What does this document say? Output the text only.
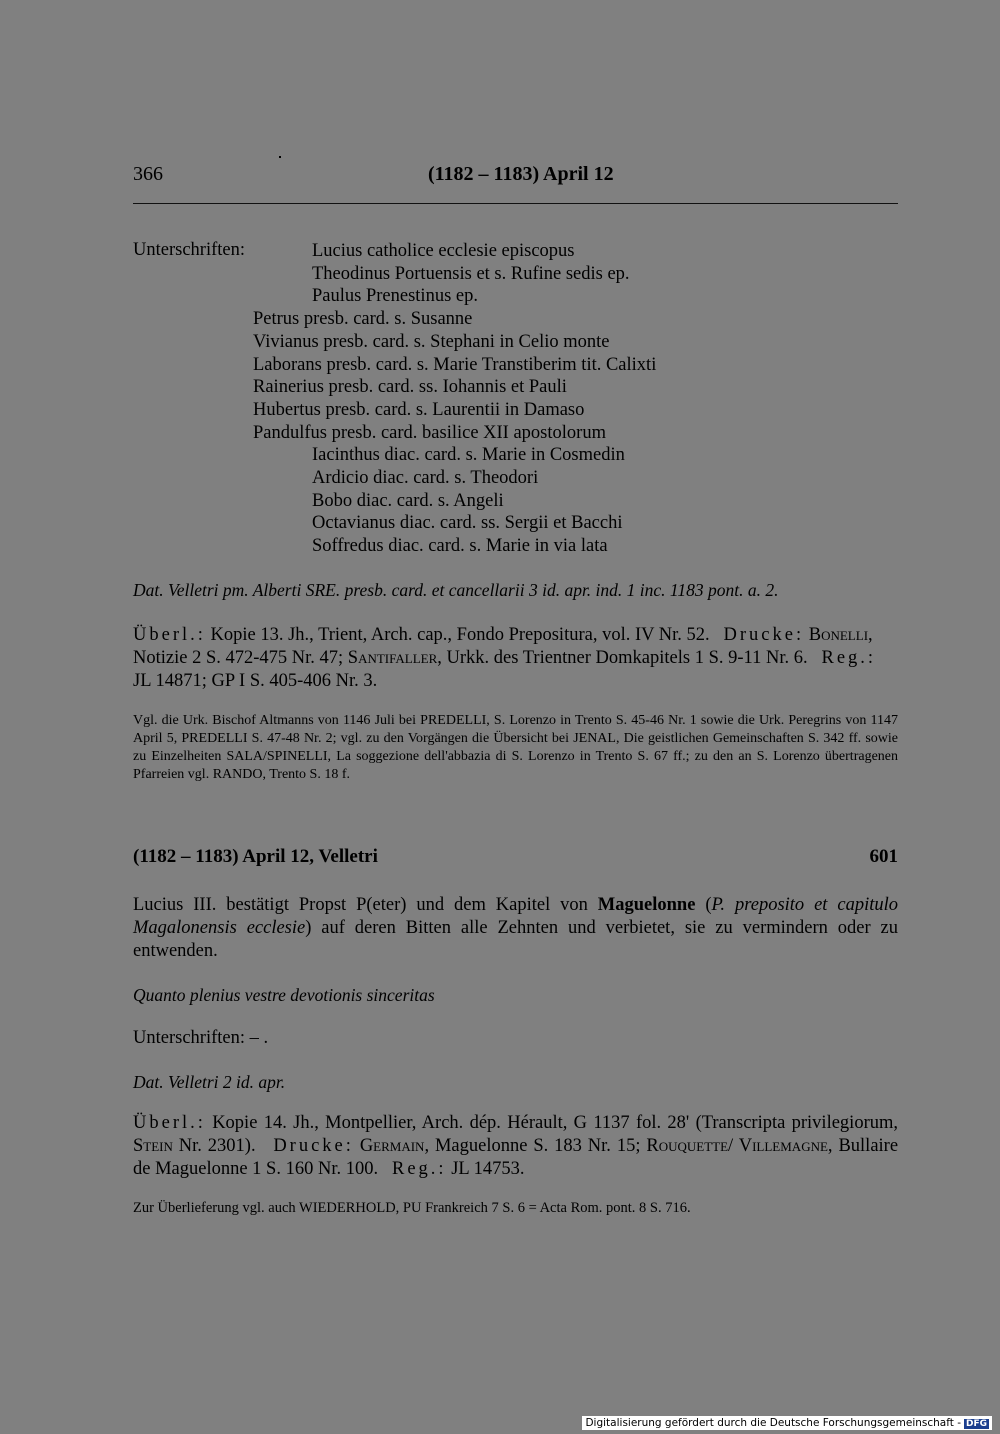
366	(1182 – 1183) April 12
Unterschriften:	Lucius catholice ecclesie episcopus
Theodinus Portuensis et s. Rufine sedis ep.
Paulus Prenestinus ep.
Petrus presb. card. s. Susanne
Vivianus presb. card. s. Stephani in Celio monte
Laborans presb. card. s. Marie Transtiberim tit. Calixti
Rainerius presb. card. ss. Iohannis et Pauli
Hubertus presb. card. s. Laurentii in Damaso
Pandulfus presb. card. basilice XII apostolorum
Iacinthus diac. card. s. Marie in Cosmedin
Ardicio diac. card. s. Theodori
Bobo diac. card. s. Angeli
Octavianus diac. card. ss. Sergii et Bacchi
Soffredus diac. card. s. Marie in via lata
Dat. Velletri pm. Alberti SRE. presb. card. et cancellarii 3 id. apr. ind. 1 inc. 1183 pont. a. 2.
Überl.: Kopie 13. Jh., Trient, Arch. cap., Fondo Prepositura, vol. IV Nr. 52. Drucke: Bonelli, Notizie 2 S. 472-475 Nr. 47; Santifaller, Urkk. des Trientner Domkapitels 1 S. 9-11 Nr. 6. Reg.: JL 14871; GP I S. 405-406 Nr. 3.
Vgl. die Urk. Bischof Altmanns von 1146 Juli bei PREDELLI, S. Lorenzo in Trento S. 45-46 Nr. 1 sowie die Urk. Peregrins von 1147 April 5, PREDELLI S. 47-48 Nr. 2; vgl. zu den Vorgängen die Übersicht bei JENAL, Die geistlichen Gemeinschaften S. 342 ff. sowie zu Einzelheiten SALA/SPINELLI, La soggezione dell'abbazia di S. Lorenzo in Trento S. 67 ff.; zu den an S. Lorenzo übertragenen Pfarreien vgl. RANDO, Trento S. 18 f.
(1182 – 1183) April 12, Velletri	601
Lucius III. bestätigt Propst P(eter) und dem Kapitel von Maguelonne (P. preposito et capitulo Magalonensis ecclesie) auf deren Bitten alle Zehnten und verbietet, sie zu vermindern oder zu entwenden.
Quanto plenius vestre devotionis sinceritas
Unterschriften: – .
Dat. Velletri 2 id. apr.
Überl.: Kopie 14. Jh., Montpellier, Arch. dép. Hérault, G 1137 fol. 28' (Transcripta privilegiorum, Stein Nr. 2301). Drucke: Germain, Maguelonne S. 183 Nr. 15; Rouquette/ Villemagne, Bullaire de Maguelonne 1 S. 160 Nr. 100. Reg.: JL 14753.
Zur Überlieferung vgl. auch WIEDERHOLD, PU Frankreich 7 S. 6 = Acta Rom. pont. 8 S. 716.
Digitalisierung gefördert durch die Deutsche Forschungsgemeinschaft - DFG
